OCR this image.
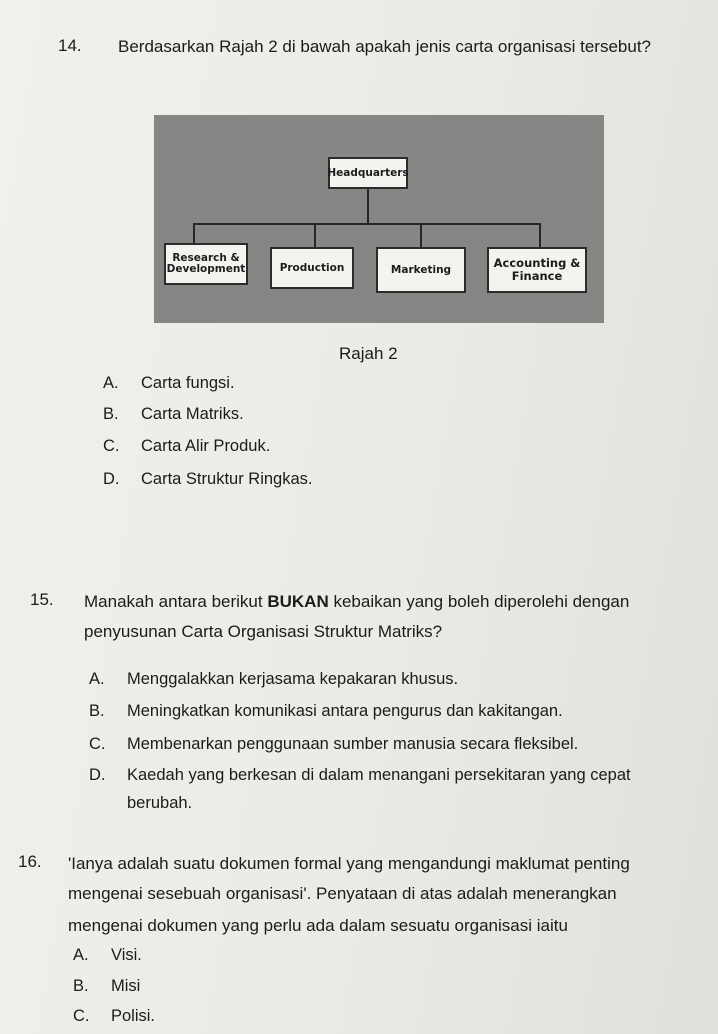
14. Berdasarkan Rajah 2 di bawah apakah jenis carta organisasi tersebut?
Headquarters
Research &
Development	Production	Marketing	Accounting &
Finance
Rajah 2
A. Carta fungsi.
B. Carta Matriks.
C. Carta Alir Produk.
D. Carta Struktur Ringkas.
15. Manakah antara berikut BUKAN kebaikan yang boleh diperolehi dengan
penyusunan Carta Organisasi Struktur Matriks?
A. Menggalakkan kerjasama kepakaran khusus.
B. Meningkatkan komunikasi antara pengurus dan kakitangan.
C. Membenarkan penggunaan sumber manusia secara fleksibel.
D. Kaedah yang berkesan di dalam menangani persekitaran yang cepat
berubah.
16. 'Ianya adalah suatu dokumen formal yang mengandungi maklumat penting
mengenai sesebuah organisasi'. Penyataan di atas adalah menerangkan
mengenai dokumen yang perlu ada dalam sesuatu organisasi iaitu
A. Visi.
B. Misi
C. Polisi.
